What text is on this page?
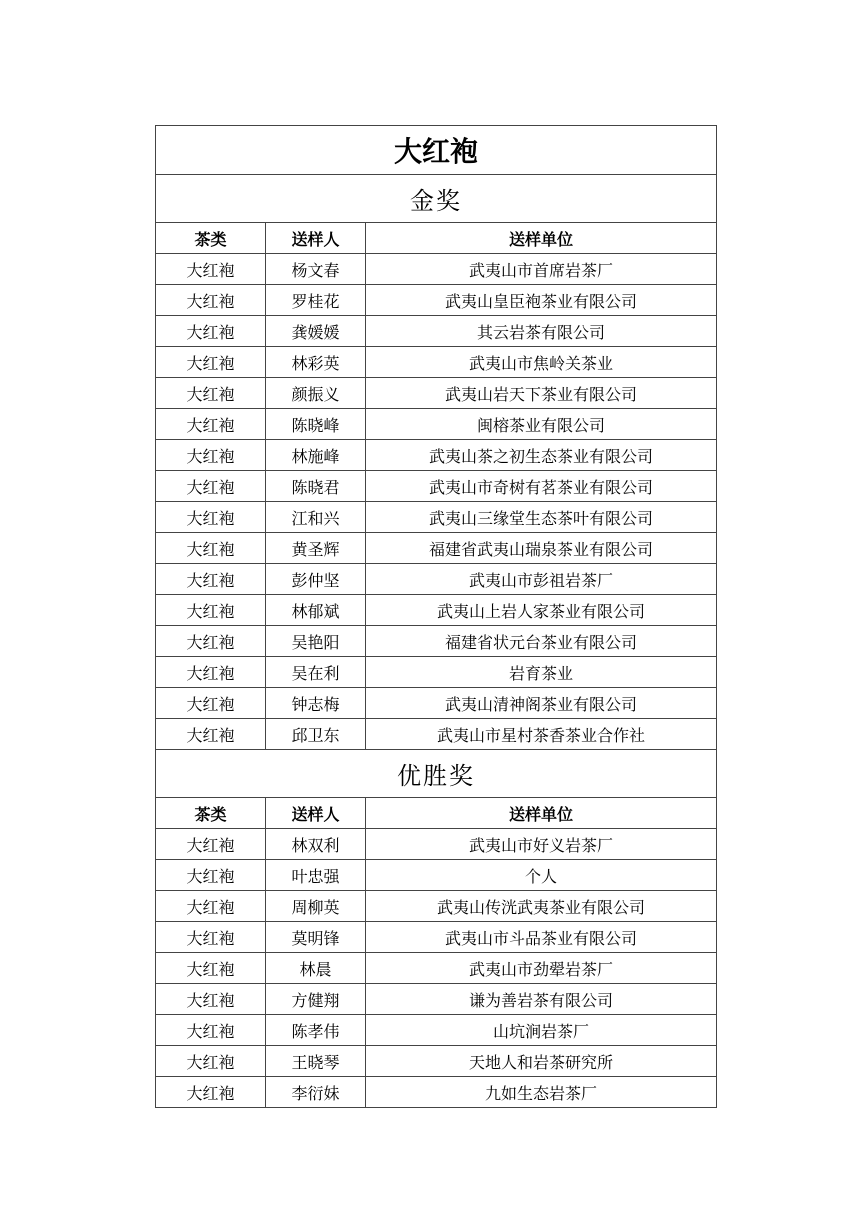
大红袍		
金奖		
茶类	送样人	送样单位
大红袍	杨文春	武夷山市首席岩茶厂
大红袍	罗桂花	武夷山皇臣袍茶业有限公司
大红袍	龚媛媛	其云岩茶有限公司
大红袍	林彩英	武夷山市焦岭关茶业
大红袍	颜振义	武夷山岩天下茶业有限公司
大红袍	陈晓峰	闽榕茶业有限公司
大红袍	林施峰	武夷山茶之初生态茶业有限公司
大红袍	陈晓君	武夷山市奇树有茗茶业有限公司
大红袍	江和兴	武夷山三缘堂生态茶叶有限公司
大红袍	黄圣辉	福建省武夷山瑞泉茶业有限公司
大红袍	彭仲坚	武夷山市彭祖岩茶厂
大红袍	林郁斌	武夷山上岩人家茶业有限公司
大红袍	吴艳阳	福建省状元台茶业有限公司
大红袍	吴在利	岩育茶业
大红袍	钟志梅	武夷山清神阁茶业有限公司
大红袍	邱卫东	武夷山市星村茶香茶业合作社
优胜奖		
茶类	送样人	送样单位
大红袍	林双利	武夷山市好义岩茶厂
大红袍	叶忠强	个人
大红袍	周柳英	武夷山传洸武夷茶业有限公司
大红袍	莫明锋	武夷山市斗品茶业有限公司
大红袍	林晨	武夷山市劲翚岩茶厂
大红袍	方健翔	谦为善岩茶有限公司
大红袍	陈孝伟	山坑涧岩茶厂
大红袍	王晓琴	天地人和岩茶研究所
大红袍	李衍妹	九如生态岩茶厂
